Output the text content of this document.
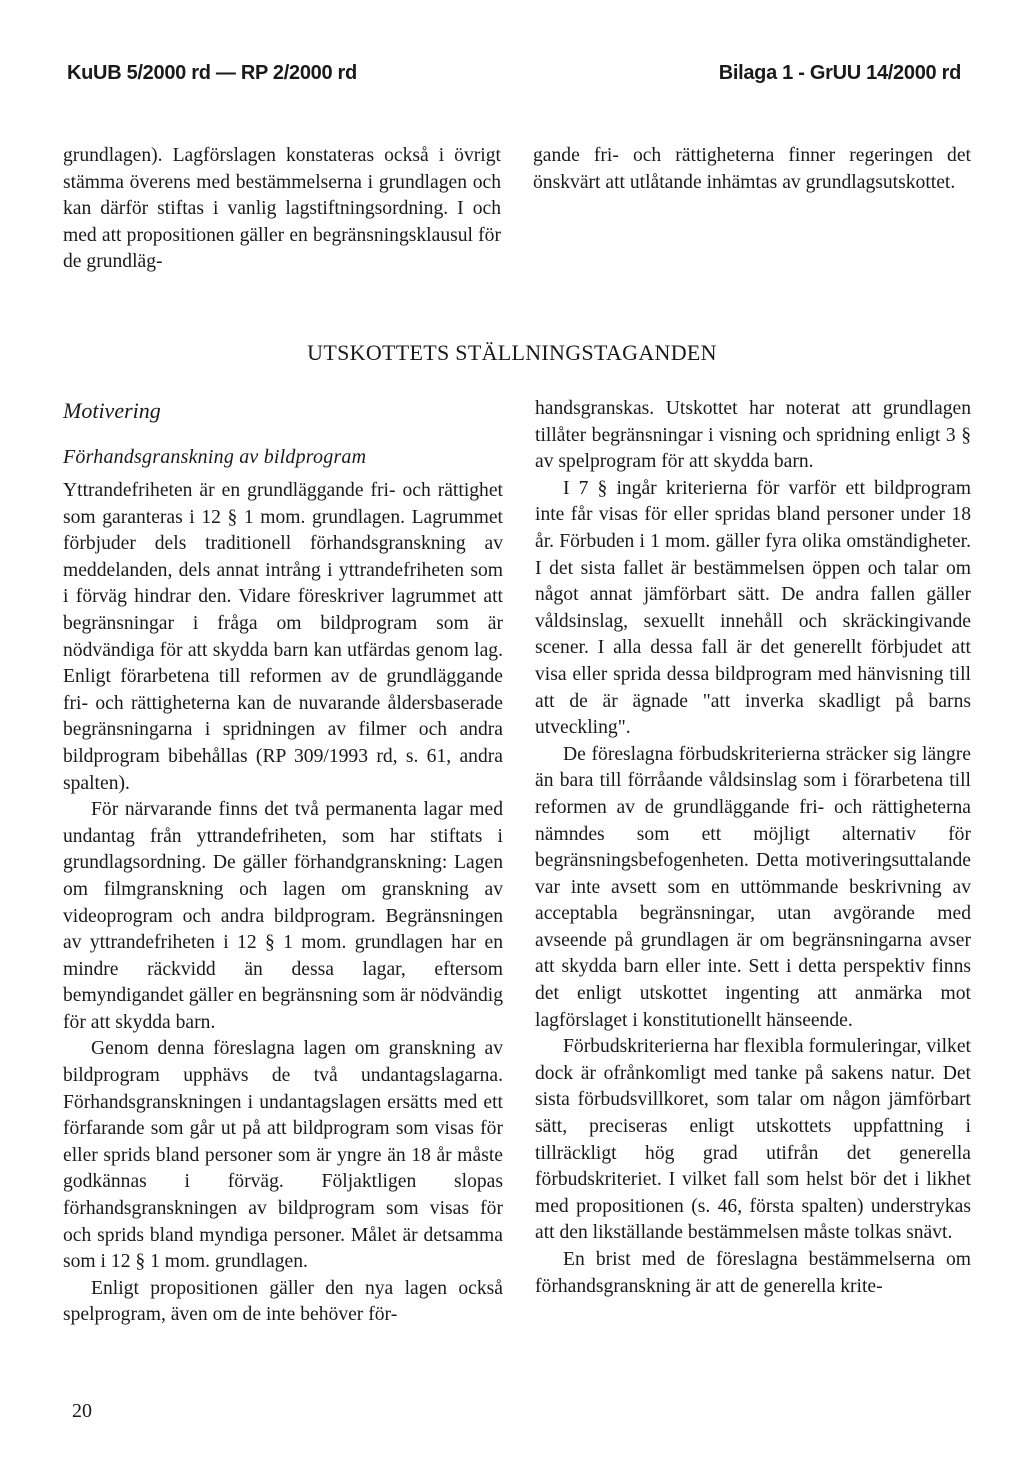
KuUB 5/2000 rd — RP 2/2000 rd	Bilaga 1 - GrUU 14/2000 rd

grundlagen). Lagförslagen konstateras också i övrigt stämma överens med bestämmelserna i grundlagen och kan därför stiftas i vanlig lagstiftningsordning. I och med att propositionen gäller en begränsningsklausul för de grundläg-

gande fri- och rättigheterna finner regeringen det önskvärt att utlåtande inhämtas av grundlagsutskottet.

UTSKOTTETS STÄLLNINGSTAGANDEN
Motivering
Förhandsgranskning av bildprogram

Yttrandefriheten är en grundläggande fri- och rättighet som garanteras i 12 § 1 mom. grundlagen. Lagrummet förbjuder dels traditionell förhandsgranskning av meddelanden, dels annat intrång i yttrandefriheten som i förväg hindrar den. Vidare föreskriver lagrummet att begränsningar i fråga om bildprogram som är nödvändiga för att skydda barn kan utfärdas genom lag. Enligt förarbetena till reformen av de grundläggande fri- och rättigheterna kan de nuvarande åldersbaserade begränsningarna i spridningen av filmer och andra bildprogram bibehållas (RP 309/1993 rd, s. 61, andra spalten).

För närvarande finns det två permanenta lagar med undantag från yttrandefriheten, som har stiftats i grundlagsordning. De gäller förhandgranskning: Lagen om filmgranskning och lagen om granskning av videoprogram och andra bildprogram. Begränsningen av yttrandefriheten i 12 § 1 mom. grundlagen har en mindre räckvidd än dessa lagar, eftersom bemyndigandet gäller en begränsning som är nödvändig för att skydda barn.

Genom denna föreslagna lagen om granskning av bildprogram upphävs de två undantagslagarna. Förhandsgranskningen i undantagslagen ersätts med ett förfarande som går ut på att bildprogram som visas för eller sprids bland personer som är yngre än 18 år måste godkännas i förväg. Följaktligen slopas förhandsgranskningen av bildprogram som visas för och sprids bland myndiga personer. Målet är detsamma som i 12 § 1 mom. grundlagen.

Enligt propositionen gäller den nya lagen också spelprogram, även om de inte behöver för-

handsgranskas. Utskottet har noterat att grundlagen tillåter begränsningar i visning och spridning enligt 3 § av spelprogram för att skydda barn.

I 7 § ingår kriterierna för varför ett bildprogram inte får visas för eller spridas bland personer under 18 år. Förbuden i 1 mom. gäller fyra olika omständigheter. I det sista fallet är bestämmelsen öppen och talar om något annat jämförbart sätt. De andra fallen gäller våldsinslag, sexuellt innehåll och skräckingivande scener. I alla dessa fall är det generellt förbjudet att visa eller sprida dessa bildprogram med hänvisning till att de är ägnade "att inverka skadligt på barns utveckling".

De föreslagna förbudskriterierna sträcker sig längre än bara till förråande våldsinslag som i förarbetena till reformen av de grundläggande fri- och rättigheterna nämndes som ett möjligt alternativ för begränsningsbefogenheten. Detta motiveringsuttalande var inte avsett som en uttömmande beskrivning av acceptabla begränsningar, utan avgörande med avseende på grundlagen är om begränsningarna avser att skydda barn eller inte. Sett i detta perspektiv finns det enligt utskottet ingenting att anmärka mot lagförslaget i konstitutionellt hänseende.

Förbudskriterierna har flexibla formuleringar, vilket dock är ofrånkomligt med tanke på sakens natur. Det sista förbudsvillkoret, som talar om någon jämförbart sätt, preciseras enligt utskottets uppfattning i tillräckligt hög grad utifrån det generella förbudskriteriet. I vilket fall som helst bör det i likhet med propositionen (s. 46, första spalten) understrykas att den likställande bestämmelsen måste tolkas snävt.

En brist med de föreslagna bestämmelserna om förhandsgranskning är att de generella krite-

20
